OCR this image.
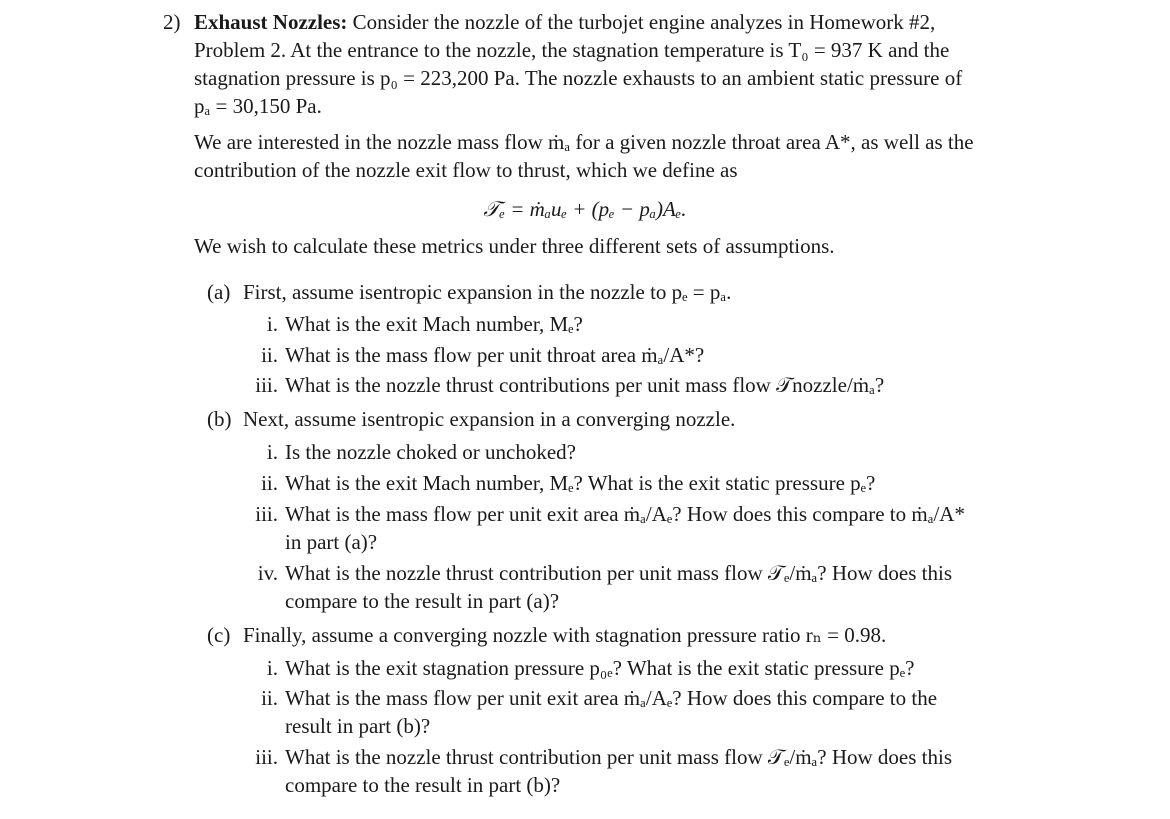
2) Exhaust Nozzles: Consider the nozzle of the turbojet engine analyzes in Homework #2,
Problem 2. At the entrance to the nozzle, the stagnation temperature is T₀ = 937 K and the
stagnation pressure is p₀ = 223,200 Pa. The nozzle exhausts to an ambient static pressure of
pₐ = 30,150 Pa.
We are interested in the nozzle mass flow ṁₐ for a given nozzle throat area A*, as well as the
contribution of the nozzle exit flow to thrust, which we define as
𝒯ₑ = ṁₐuₑ + (pₑ − pₐ)Aₑ.
We wish to calculate these metrics under three different sets of assumptions.
(a) First, assume isentropic expansion in the nozzle to pₑ = pₐ.
i. What is the exit Mach number, Mₑ?
ii. What is the mass flow per unit throat area ṁₐ/A*?
iii. What is the nozzle thrust contributions per unit mass flow 𝒯nozzle/ṁₐ?
(b) Next, assume isentropic expansion in a converging nozzle.
i. Is the nozzle choked or unchoked?
ii. What is the exit Mach number, Mₑ? What is the exit static pressure pₑ?
iii. What is the mass flow per unit exit area ṁₐ/Aₑ? How does this compare to ṁₐ/A*
in part (a)?
iv. What is the nozzle thrust contribution per unit mass flow 𝒯ₑ/ṁₐ? How does this
compare to the result in part (a)?
(c) Finally, assume a converging nozzle with stagnation pressure ratio rₙ = 0.98.
i. What is the exit stagnation pressure p₀ₑ? What is the exit static pressure pₑ?
ii. What is the mass flow per unit exit area ṁₐ/Aₑ? How does this compare to the
result in part (b)?
iii. What is the nozzle thrust contribution per unit mass flow 𝒯ₑ/ṁₐ? How does this
compare to the result in part (b)?
